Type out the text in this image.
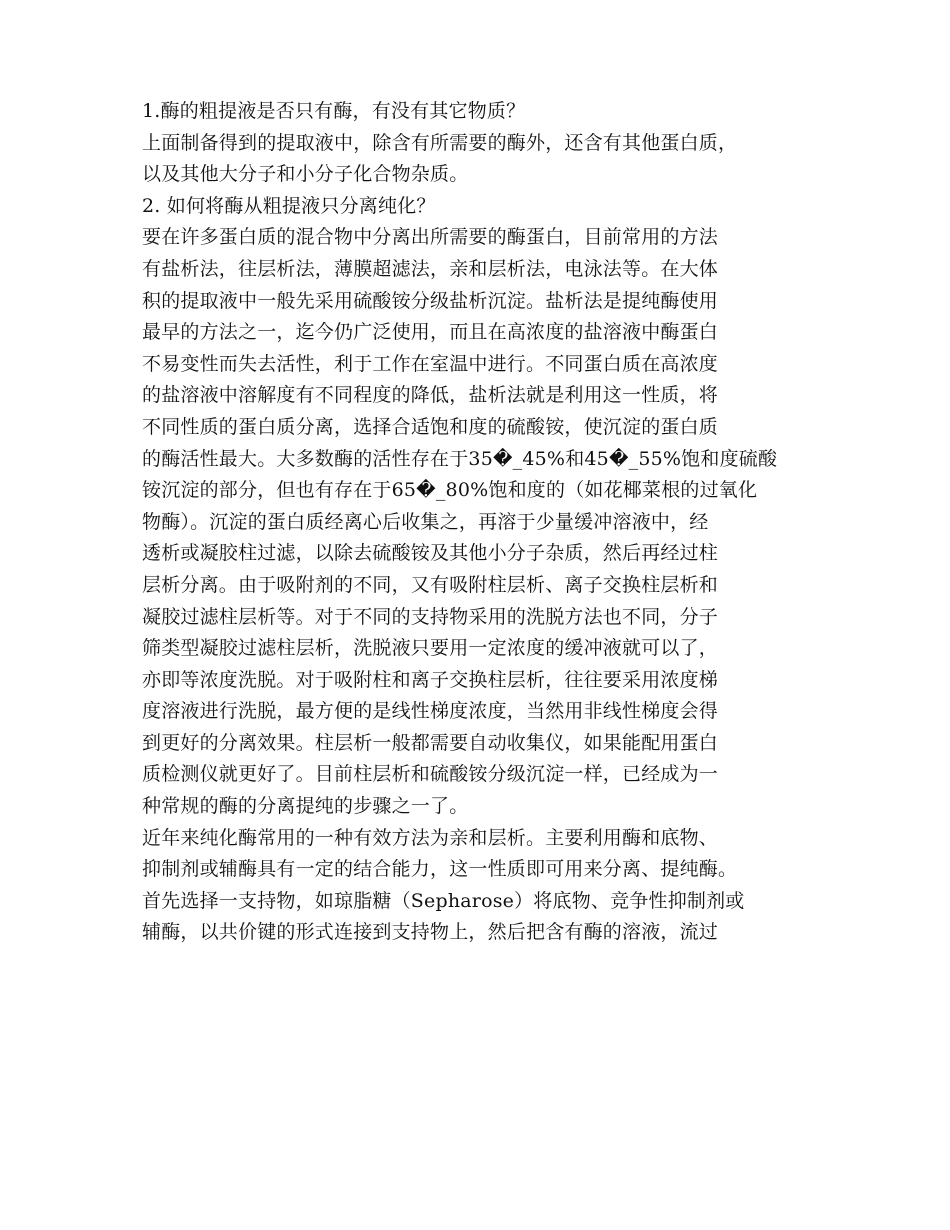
1.酶的粗提液是否只有酶，有没有其它物质？
上面制备得到的提取液中，除含有所需要的酶外，还含有其他蛋白质，
以及其他大分子和小分子化合物杂质。
2. 如何将酶从粗提液只分离纯化？
要在许多蛋白质的混合物中分离出所需要的酶蛋白，目前常用的方法
有盐析法，往层析法，薄膜超滤法，亲和层析法，电泳法等。在大体
积的提取液中一般先采用硫酸铵分级盐析沉淀。盐析法是提纯酶使用
最早的方法之一，迄今仍广泛使用，而且在高浓度的盐溶液中酶蛋白
不易变性而失去活性，利于工作在室温中进行。不同蛋白质在高浓度
的盐溶液中溶解度有不同程度的降低，盐析法就是利用这一性质，将
不同性质的蛋白质分离，选择合适饱和度的硫酸铵，使沉淀的蛋白质
的酶活性最大。大多数酶的活性存在于35�_45%和45�_55%饱和度硫酸
铵沉淀的部分，但也有存在于65�_80%饱和度的（如花椰菜根的过氧化
物酶）。沉淀的蛋白质经离心后收集之，再溶于少量缓冲溶液中，经
透析或凝胶柱过滤，以除去硫酸铵及其他小分子杂质，然后再经过柱
层析分离。由于吸附剂的不同，又有吸附柱层析、离子交换柱层析和
凝胶过滤柱层析等。对于不同的支持物采用的洗脱方法也不同，分子
筛类型凝胶过滤柱层析，洗脱液只要用一定浓度的缓冲液就可以了，
亦即等浓度洗脱。对于吸附柱和离子交换柱层析，往往要采用浓度梯
度溶液进行洗脱，最方便的是线性梯度浓度，当然用非线性梯度会得
到更好的分离效果。柱层析一般都需要自动收集仪，如果能配用蛋白
质检测仪就更好了。目前柱层析和硫酸铵分级沉淀一样，已经成为一
种常规的酶的分离提纯的步骤之一了。
近年来纯化酶常用的一种有效方法为亲和层析。主要利用酶和底物、
抑制剂或辅酶具有一定的结合能力，这一性质即可用来分离、提纯酶。
首先选择一支持物，如琼脂糖（Sepharose）将底物、竞争性抑制剂或
辅酶，以共价键的形式连接到支持物上，然后把含有酶的溶液，流过
